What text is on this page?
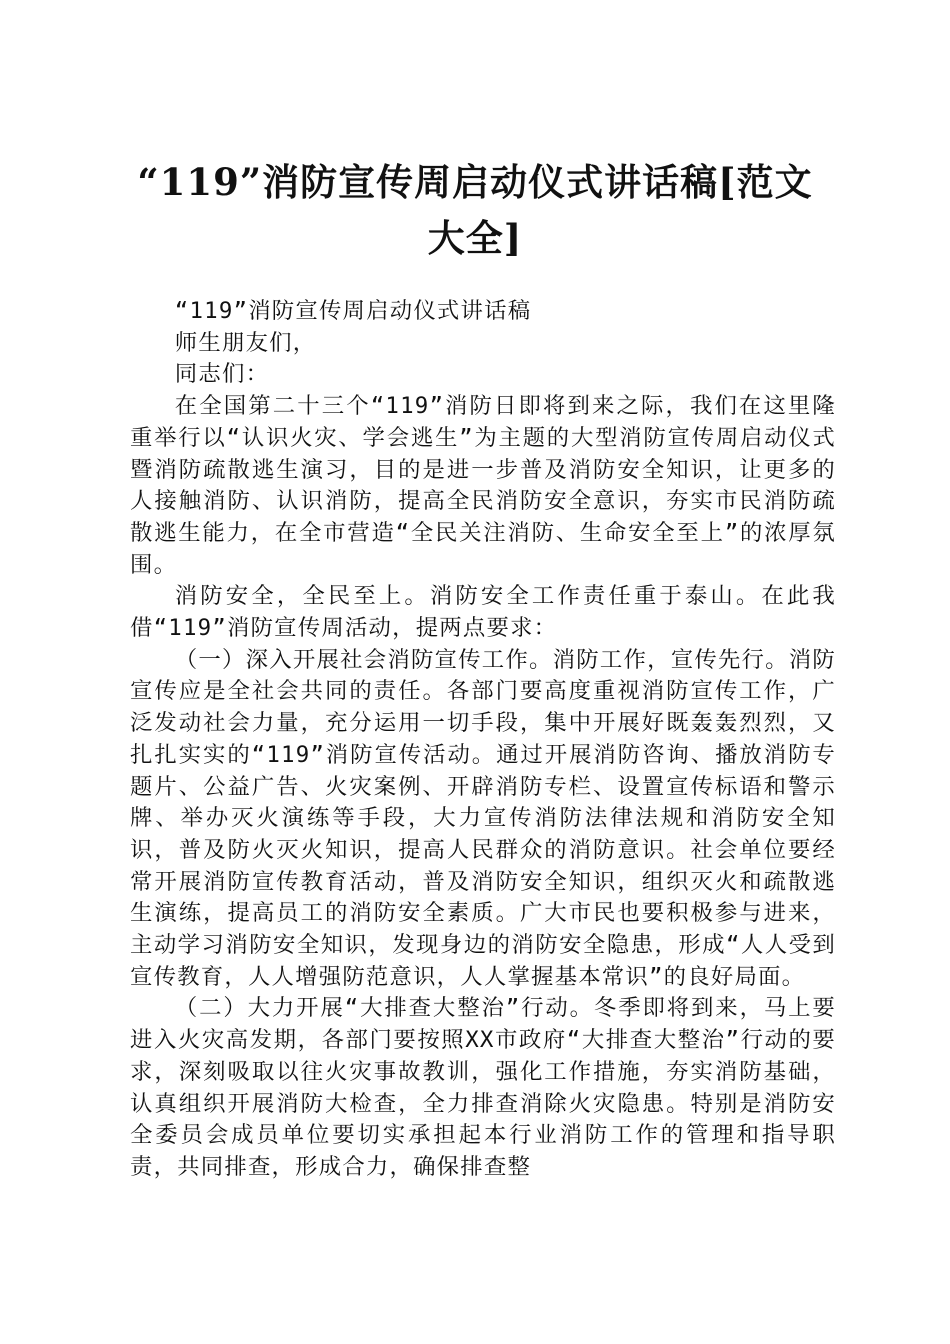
“119”消防宣传周启动仪式讲话稿[范文大全]

“119”消防宣传周启动仪式讲话稿

师生朋友们，

同志们：

在全国第二十三个“119”消防日即将到来之际，我们在这里隆重举行以“认识火灾、学会逃生”为主题的大型消防宣传周启动仪式暨消防疏散逃生演习，目的是进一步普及消防安全知识，让更多的人接触消防、认识消防，提高全民消防安全意识，夯实市民消防疏散逃生能力，在全市营造“全民关注消防、生命安全至上”的浓厚氛围。

消防安全，全民至上。消防安全工作责任重于泰山。在此我借“119”消防宣传周活动，提两点要求：

（一）深入开展社会消防宣传工作。消防工作，宣传先行。消防宣传应是全社会共同的责任。各部门要高度重视消防宣传工作，广泛发动社会力量，充分运用一切手段，集中开展好既轰轰烈烈，又扎扎实实的“119”消防宣传活动。通过开展消防咨询、播放消防专题片、公益广告、火灾案例、开辟消防专栏、设置宣传标语和警示牌、举办灭火演练等手段，大力宣传消防法律法规和消防安全知识，普及防火灭火知识，提高人民群众的消防意识。社会单位要经常开展消防宣传教育活动，普及消防安全知识，组织灭火和疏散逃生演练，提高员工的消防安全素质。广大市民也要积极参与进来，主动学习消防安全知识，发现身边的消防安全隐患，形成“人人受到宣传教育，人人增强防范意识，人人掌握基本常识”的良好局面。

（二）大力开展“大排查大整治”行动。冬季即将到来，马上要进入火灾高发期，各部门要按照XX市政府“大排查大整治”行动的要求，深刻吸取以往火灾事故教训，强化工作措施，夯实消防基础，认真组织开展消防大检查，全力排查消除火灾隐患。特别是消防安全委员会成员单位要切实承担起本行业消防工作的管理和指导职责，共同排查，形成合力，确保排查整
